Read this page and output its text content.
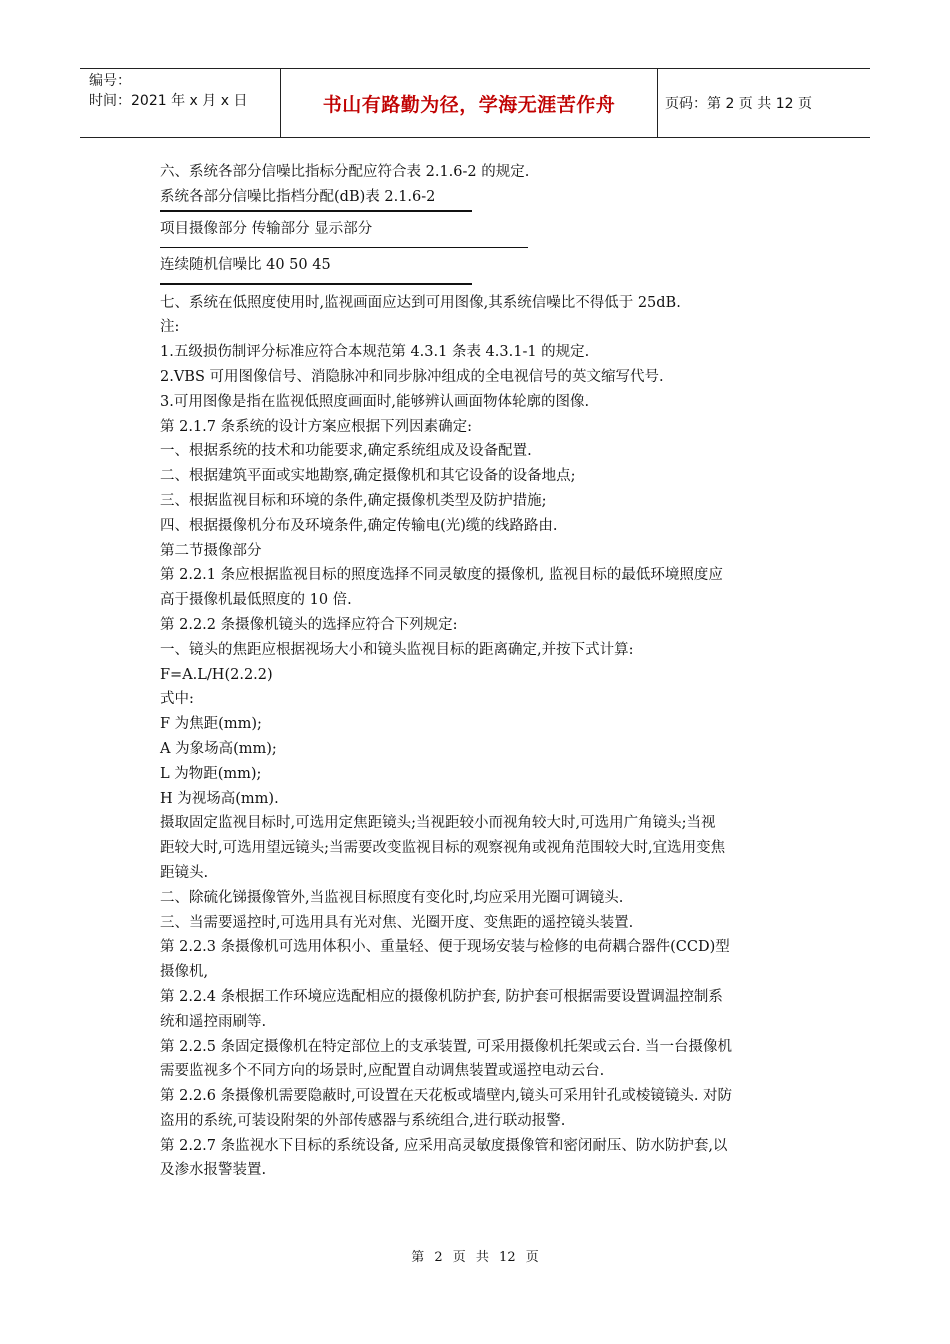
编号：
时间：2021 年 x 月 x 日	书山有路勤为径，学海无涯苦作舟	页码：第 2 页 共 12 页
六、系统各部分信噪比指标分配应符合表 2.1.6-2 的规定.
系统各部分信噪比指档分配(dB)表 2.1.6-2
项目摄像部分 传输部分 显示部分
连续随机信噪比 40 50 45
七、系统在低照度使用时,监视画面应达到可用图像,其系统信噪比不得低于 25dB.
注:
1.五级损伤制评分标准应符合本规范第 4.3.1 条表 4.3.1-1 的规定.
2.VBS 可用图像信号、消隐脉冲和同步脉冲组成的全电视信号的英文缩写代号.
3.可用图像是指在监视低照度画面时,能够辨认画面物体轮廓的图像.
第 2.1.7 条系统的设计方案应根据下列因素确定:
一、根据系统的技术和功能要求,确定系统组成及设备配置.
二、根据建筑平面或实地勘察,确定摄像机和其它设备的设备地点;
三、根据监视目标和环境的条件,确定摄像机类型及防护措施;
四、根据摄像机分布及环境条件,确定传输电(光)缆的线路路由.
第二节摄像部分
第 2.2.1 条应根据监视目标的照度选择不同灵敏度的摄像机, 监视目标的最低环境照度应
高于摄像机最低照度的 10 倍.
第 2.2.2 条摄像机镜头的选择应符合下列规定:
一、镜头的焦距应根据视场大小和镜头监视目标的距离确定,并按下式计算:
F=A.L/H(2.2.2)
式中:
F 为焦距(mm);
A 为象场高(mm);
L 为物距(mm);
H 为视场高(mm).
摄取固定监视目标时,可选用定焦距镜头;当视距较小而视角较大时,可选用广角镜头;当视
距较大时,可选用望远镜头;当需要改变监视目标的观察视角或视角范围较大时,宜选用变焦
距镜头.
二、除硫化锑摄像管外,当监视目标照度有变化时,均应采用光圈可调镜头.
三、当需要遥控时,可选用具有光对焦、光圈开度、变焦距的遥控镜头装置.
第 2.2.3 条摄像机可选用体积小、重量轻、便于现场安装与检修的电荷耦合器件(CCD)型
摄像机,
第 2.2.4 条根据工作环境应选配相应的摄像机防护套, 防护套可根据需要设置调温控制系
统和遥控雨刷等.
第 2.2.5 条固定摄像机在特定部位上的支承装置, 可采用摄像机托架或云台. 当一台摄像机
需要监视多个不同方向的场景时,应配置自动调焦装置或遥控电动云台.
第 2.2.6 条摄像机需要隐蔽时,可设置在天花板或墙壁内,镜头可采用针孔或棱镜镜头. 对防
盗用的系统,可装设附架的外部传感器与系统组合,进行联动报警.
第 2.2.7 条监视水下目标的系统设备, 应采用高灵敏度摄像管和密闭耐压、防水防护套,以
及渗水报警装置.
第 2 页 共 12 页
